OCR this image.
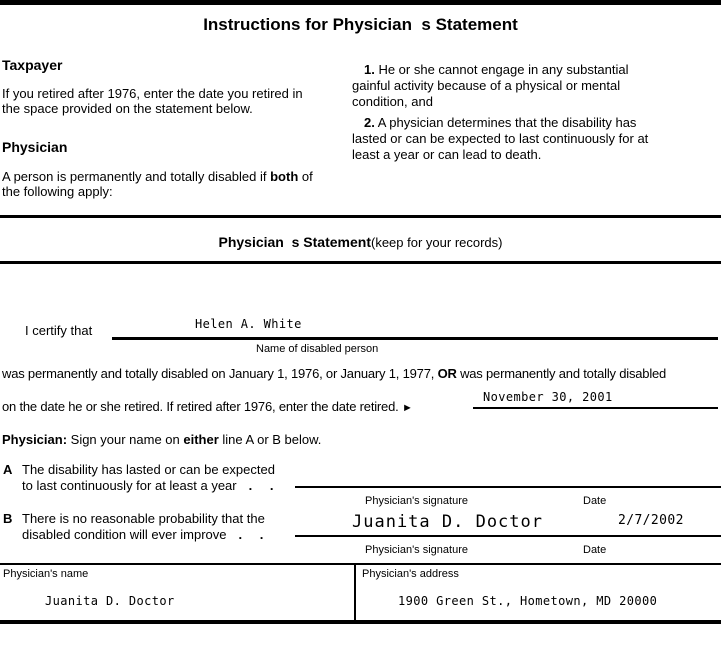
Instructions for Physician  s Statement
Taxpayer
If you retired after 1976, enter the date you retired in
the space provided on the statement below.
Physician
A person is permanently and totally disabled if both of
the following apply:
1. He or she cannot engage in any substantial
gainful activity because of a physical or mental
condition, and
2. A physician determines that the disability has
lasted or can be expected to last continuously for at
least a year or can lead to death.
Physician  s Statement(keep for your records)
I certify that	Helen A. White
Name of disabled person
was permanently and totally disabled on January 1, 1976, or January 1, 1977, OR was permanently and totally disabled
on the date he or she retired. If retired after 1976, enter the date retired. ►
November 30, 2001
Physician: Sign your name on either line A or B below.
A The disability has lasted or can be expected
to last continuously for at least a year . .
Physician's signature	Date
B There is no reasonable probability that the
disabled condition will ever improve . .
Juanita D. Doctor	2/7/2002
Physician's signature	Date
Physician's name
Juanita D. Doctor
Physician's address
1900 Green St., Hometown, MD 20000
